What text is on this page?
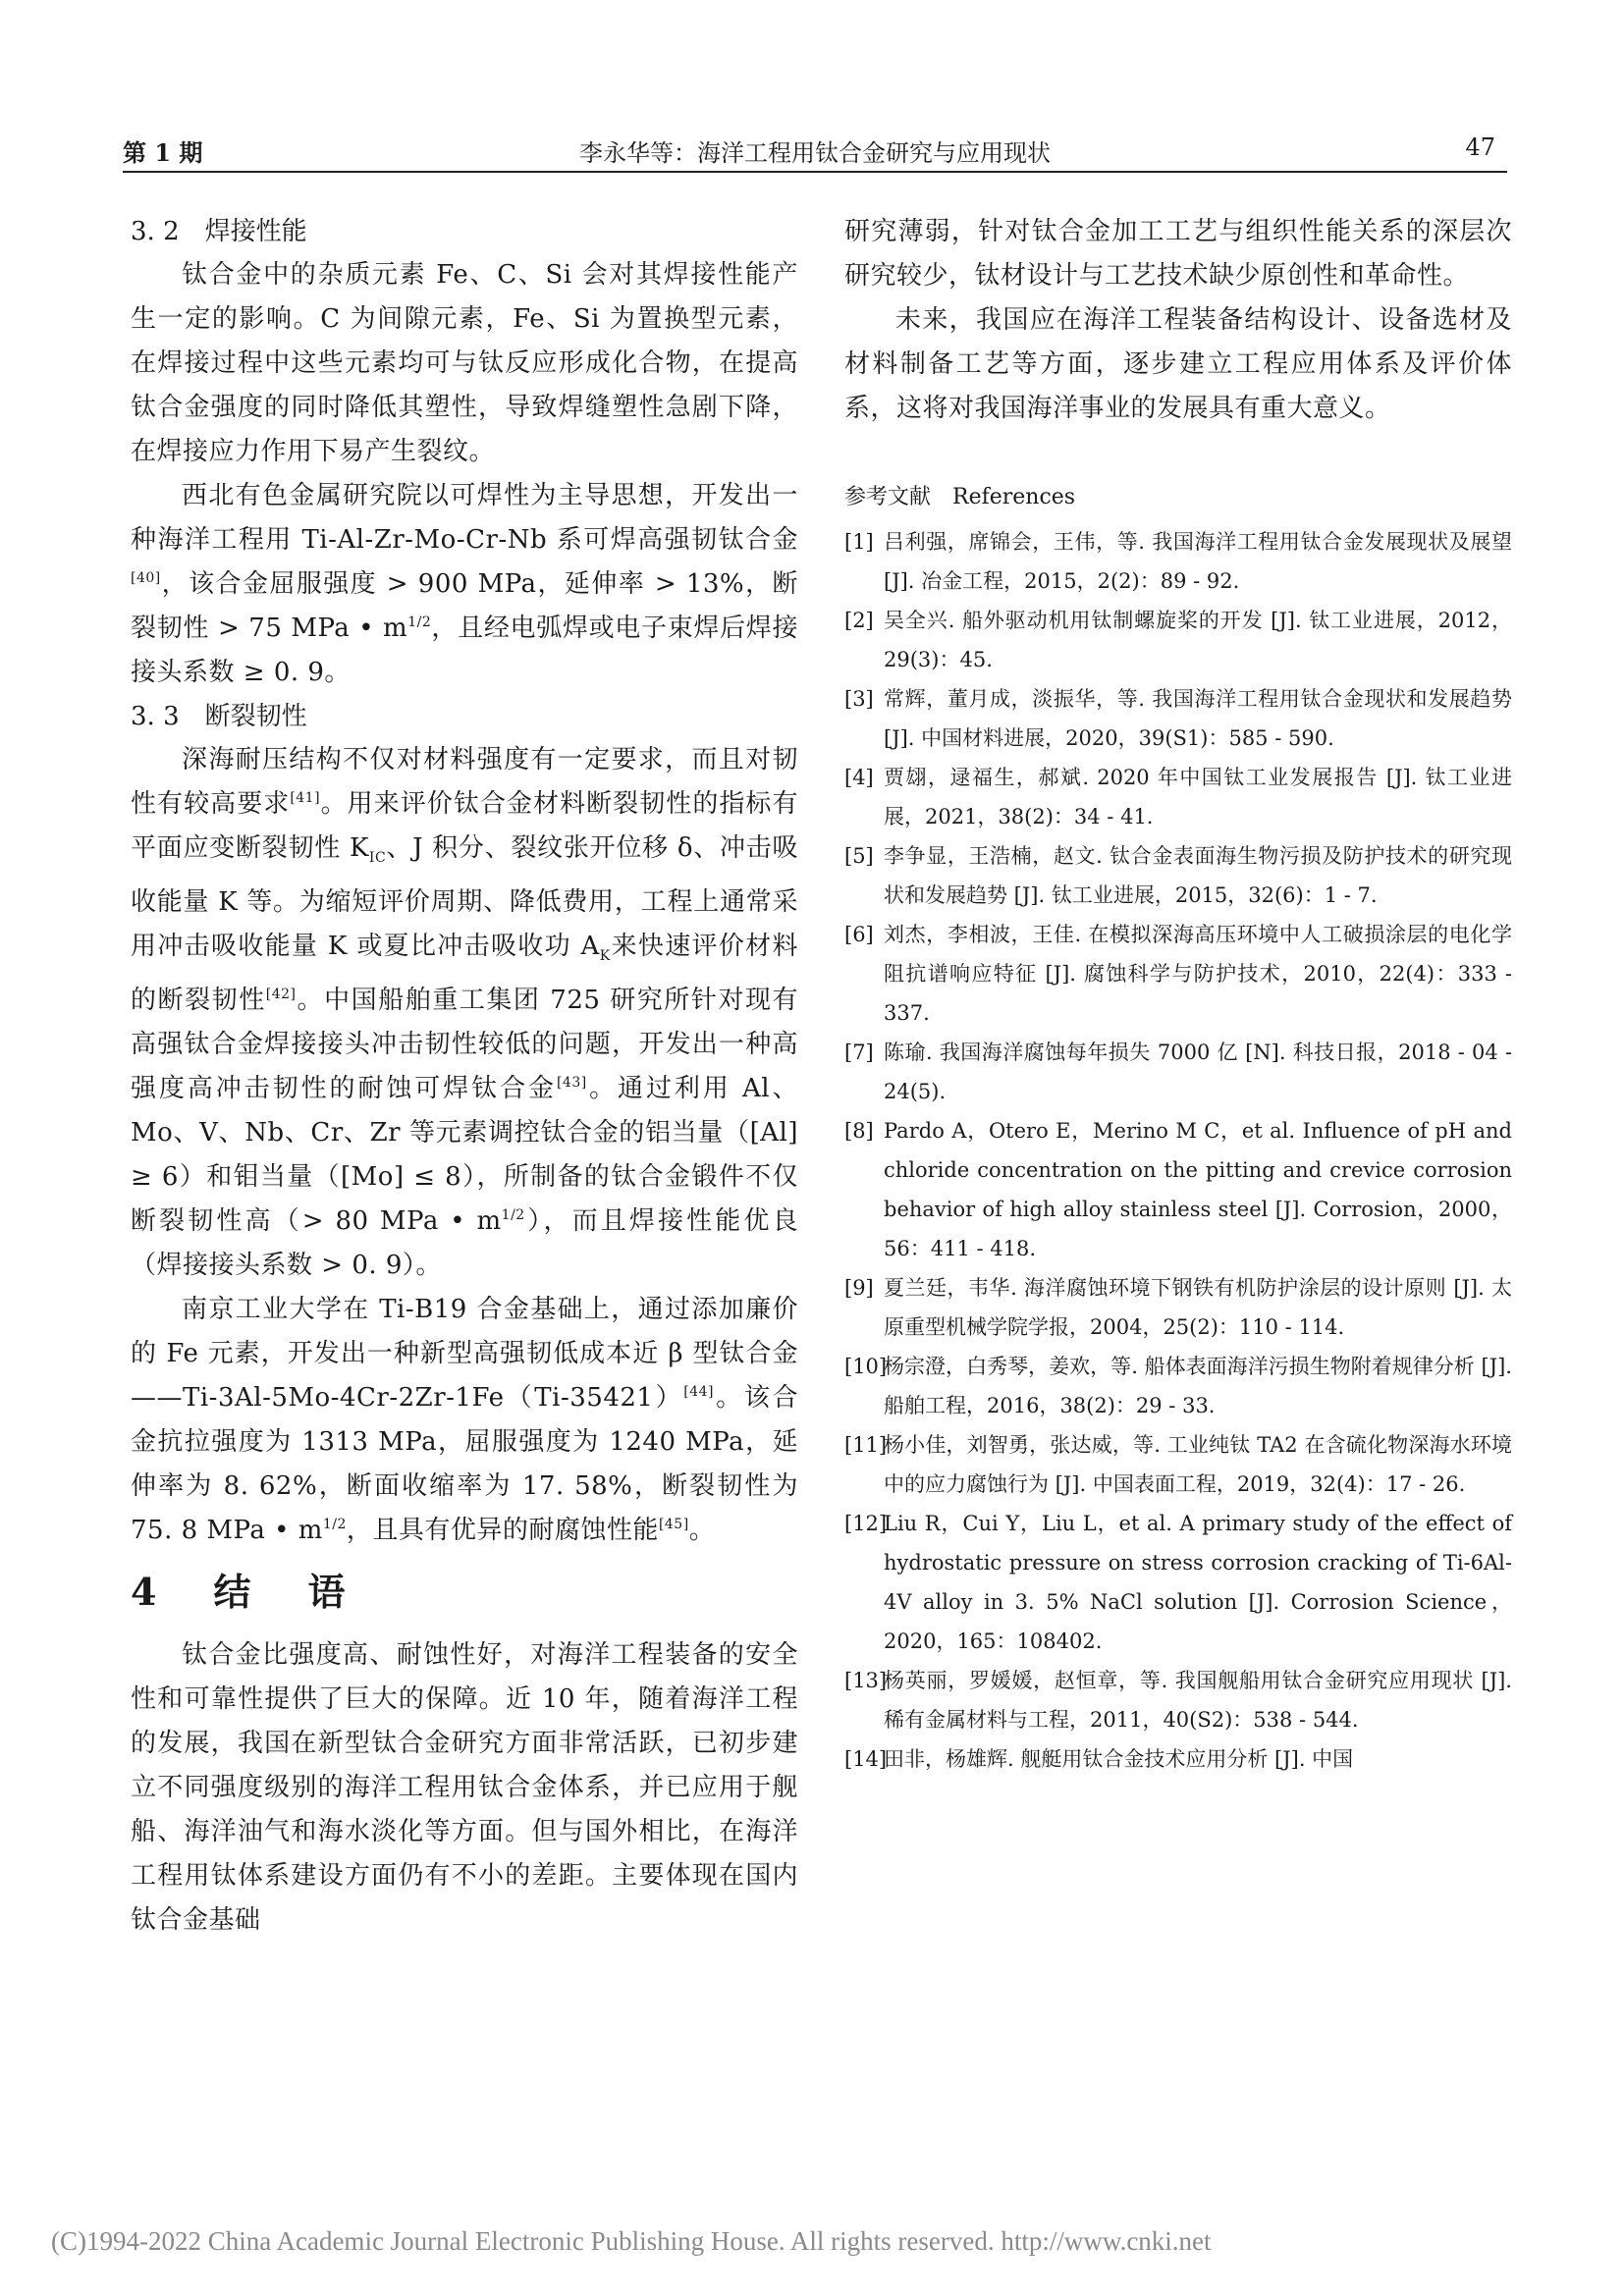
第 1 期	李永华等：海洋工程用钛合金研究与应用现状	47
3. 2　焊接性能

钛合金中的杂质元素 Fe、C、Si 会对其焊接性能产生一定的影响。C 为间隙元素，Fe、Si 为置换型元素，在焊接过程中这些元素均可与钛反应形成化合物，在提高钛合金强度的同时降低其塑性，导致焊缝塑性急剧下降，在焊接应力作用下易产生裂纹。

西北有色金属研究院以可焊性为主导思想，开发出一种海洋工程用 Ti-Al-Zr-Mo-Cr-Nb 系可焊高强韧钛合金[40]，该合金屈服强度 > 900 MPa，延伸率 > 13%，断裂韧性 > 75 MPa • $m^{1/2}$，且经电弧焊或电子束焊后焊接接头系数 ≥ 0. 9。

3. 3　断裂韧性

深海耐压结构不仅对材料强度有一定要求，而且对韧性有较高要求[41]。用来评价钛合金材料断裂韧性的指标有平面应变断裂韧性 $K_{IC}$、J 积分、裂纹张开位移 δ、冲击吸收能量 K 等。为缩短评价周期、降低费用，工程上通常采用冲击吸收能量 K 或夏比冲击吸收功 $A_K$来快速评价材料的断裂韧性[42]。中国船舶重工集团 725 研究所针对现有高强钛合金焊接接头冲击韧性较低的问题，开发出一种高强度高冲击韧性的耐蚀可焊钛合金[43]。通过利用 Al、Mo、V、Nb、Cr、Zr 等元素调控钛合金的铝当量（[Al] ≥ 6）和钼当量（[Mo] ≤ 8），所制备的钛合金锻件不仅断裂韧性高（> 80 MPa • $m^{1/2}$），而且焊接性能优良（焊接接头系数 > 0. 9）。

南京工业大学在 Ti-B19 合金基础上，通过添加廉价的 Fe 元素，开发出一种新型高强韧低成本近 β 型钛合金——Ti-3Al-5Mo-4Cr-2Zr-1Fe（Ti-35421）[44]。该合金抗拉强度为 1313 MPa，屈服强度为 1240 MPa，延伸率为 8. 62%，断面收缩率为 17. 58%，断裂韧性为 75. 8 MPa • $m^{1/2}$，且具有优异的耐腐蚀性能[45]。

4　结　语

钛合金比强度高、耐蚀性好，对海洋工程装备的安全性和可靠性提供了巨大的保障。近 10 年，随着海洋工程的发展，我国在新型钛合金研究方面非常活跃，已初步建立不同强度级别的海洋工程用钛合金体系，并已应用于舰船、海洋油气和海水淡化等方面。但与国外相比，在海洋工程用钛体系建设方面仍有不小的差距。主要体现在国内钛合金基础

研究薄弱，针对钛合金加工工艺与组织性能关系的深层次研究较少，钛材设计与工艺技术缺少原创性和革命性。

未来，我国应在海洋工程装备结构设计、设备选材及材料制备工艺等方面，逐步建立工程应用体系及评价体系，这将对我国海洋事业的发展具有重大意义。

参考文献　References
[1] 吕利强，席锦会，王伟，等. 我国海洋工程用钛合金发展现状及展望 [J]. 冶金工程，2015，2(2)：89 - 92.
[2] 吴全兴. 船外驱动机用钛制螺旋桨的开发 [J]. 钛工业进展，2012，29(3)：45.
[3] 常辉，董月成，淡振华，等. 我国海洋工程用钛合金现状和发展趋势 [J]. 中国材料进展，2020，39(S1)：585 - 590.
[4] 贾翃，逯福生，郝斌. 2020 年中国钛工业发展报告 [J]. 钛工业进展，2021，38(2)：34 - 41.
[5] 李争显，王浩楠，赵文. 钛合金表面海生物污损及防护技术的研究现状和发展趋势 [J]. 钛工业进展，2015，32(6)：1 - 7.
[6] 刘杰，李相波，王佳. 在模拟深海高压环境中人工破损涂层的电化学阻抗谱响应特征 [J]. 腐蚀科学与防护技术，2010，22(4)：333 - 337.
[7] 陈瑜. 我国海洋腐蚀每年损失 7000 亿 [N]. 科技日报，2018 - 04 - 24(5).
[8] Pardo A，Otero E，Merino M C，et al. Influence of pH and chloride concentration on the pitting and crevice corrosion behavior of high alloy stainless steel [J]. Corrosion，2000，56：411 - 418.
[9] 夏兰廷，韦华. 海洋腐蚀环境下钢铁有机防护涂层的设计原则 [J]. 太原重型机械学院学报，2004，25(2)：110 - 114.
[10]
杨宗澄，白秀琴，姜欢，等. 船体表面海洋污损生物附着规律分析 [J]. 船舶工程，2016，38(2)：29 - 33.
[11]
杨小佳，刘智勇，张达威，等. 工业纯钛 TA2 在含硫化物深海水环境中的应力腐蚀行为 [J]. 中国表面工程，2019，32(4)：17 - 26.
[12]
Liu R，Cui Y，Liu L，et al. A primary study of the effect of hydrostatic pressure on stress corrosion cracking of Ti-6Al-4V alloy in 3. 5% NaCl solution [J]. Corrosion Science，2020，165：108402.
[13]
杨英丽，罗媛媛，赵恒章，等. 我国舰船用钛合金研究应用现状 [J]. 稀有金属材料与工程，2011，40(S2)：538 - 544.
[14]
田非，杨雄辉. 舰艇用钛合金技术应用分析 [J]. 中国
(C)1994-2022 China Academic Journal Electronic Publishing House. All rights reserved. http://www.cnki.net
